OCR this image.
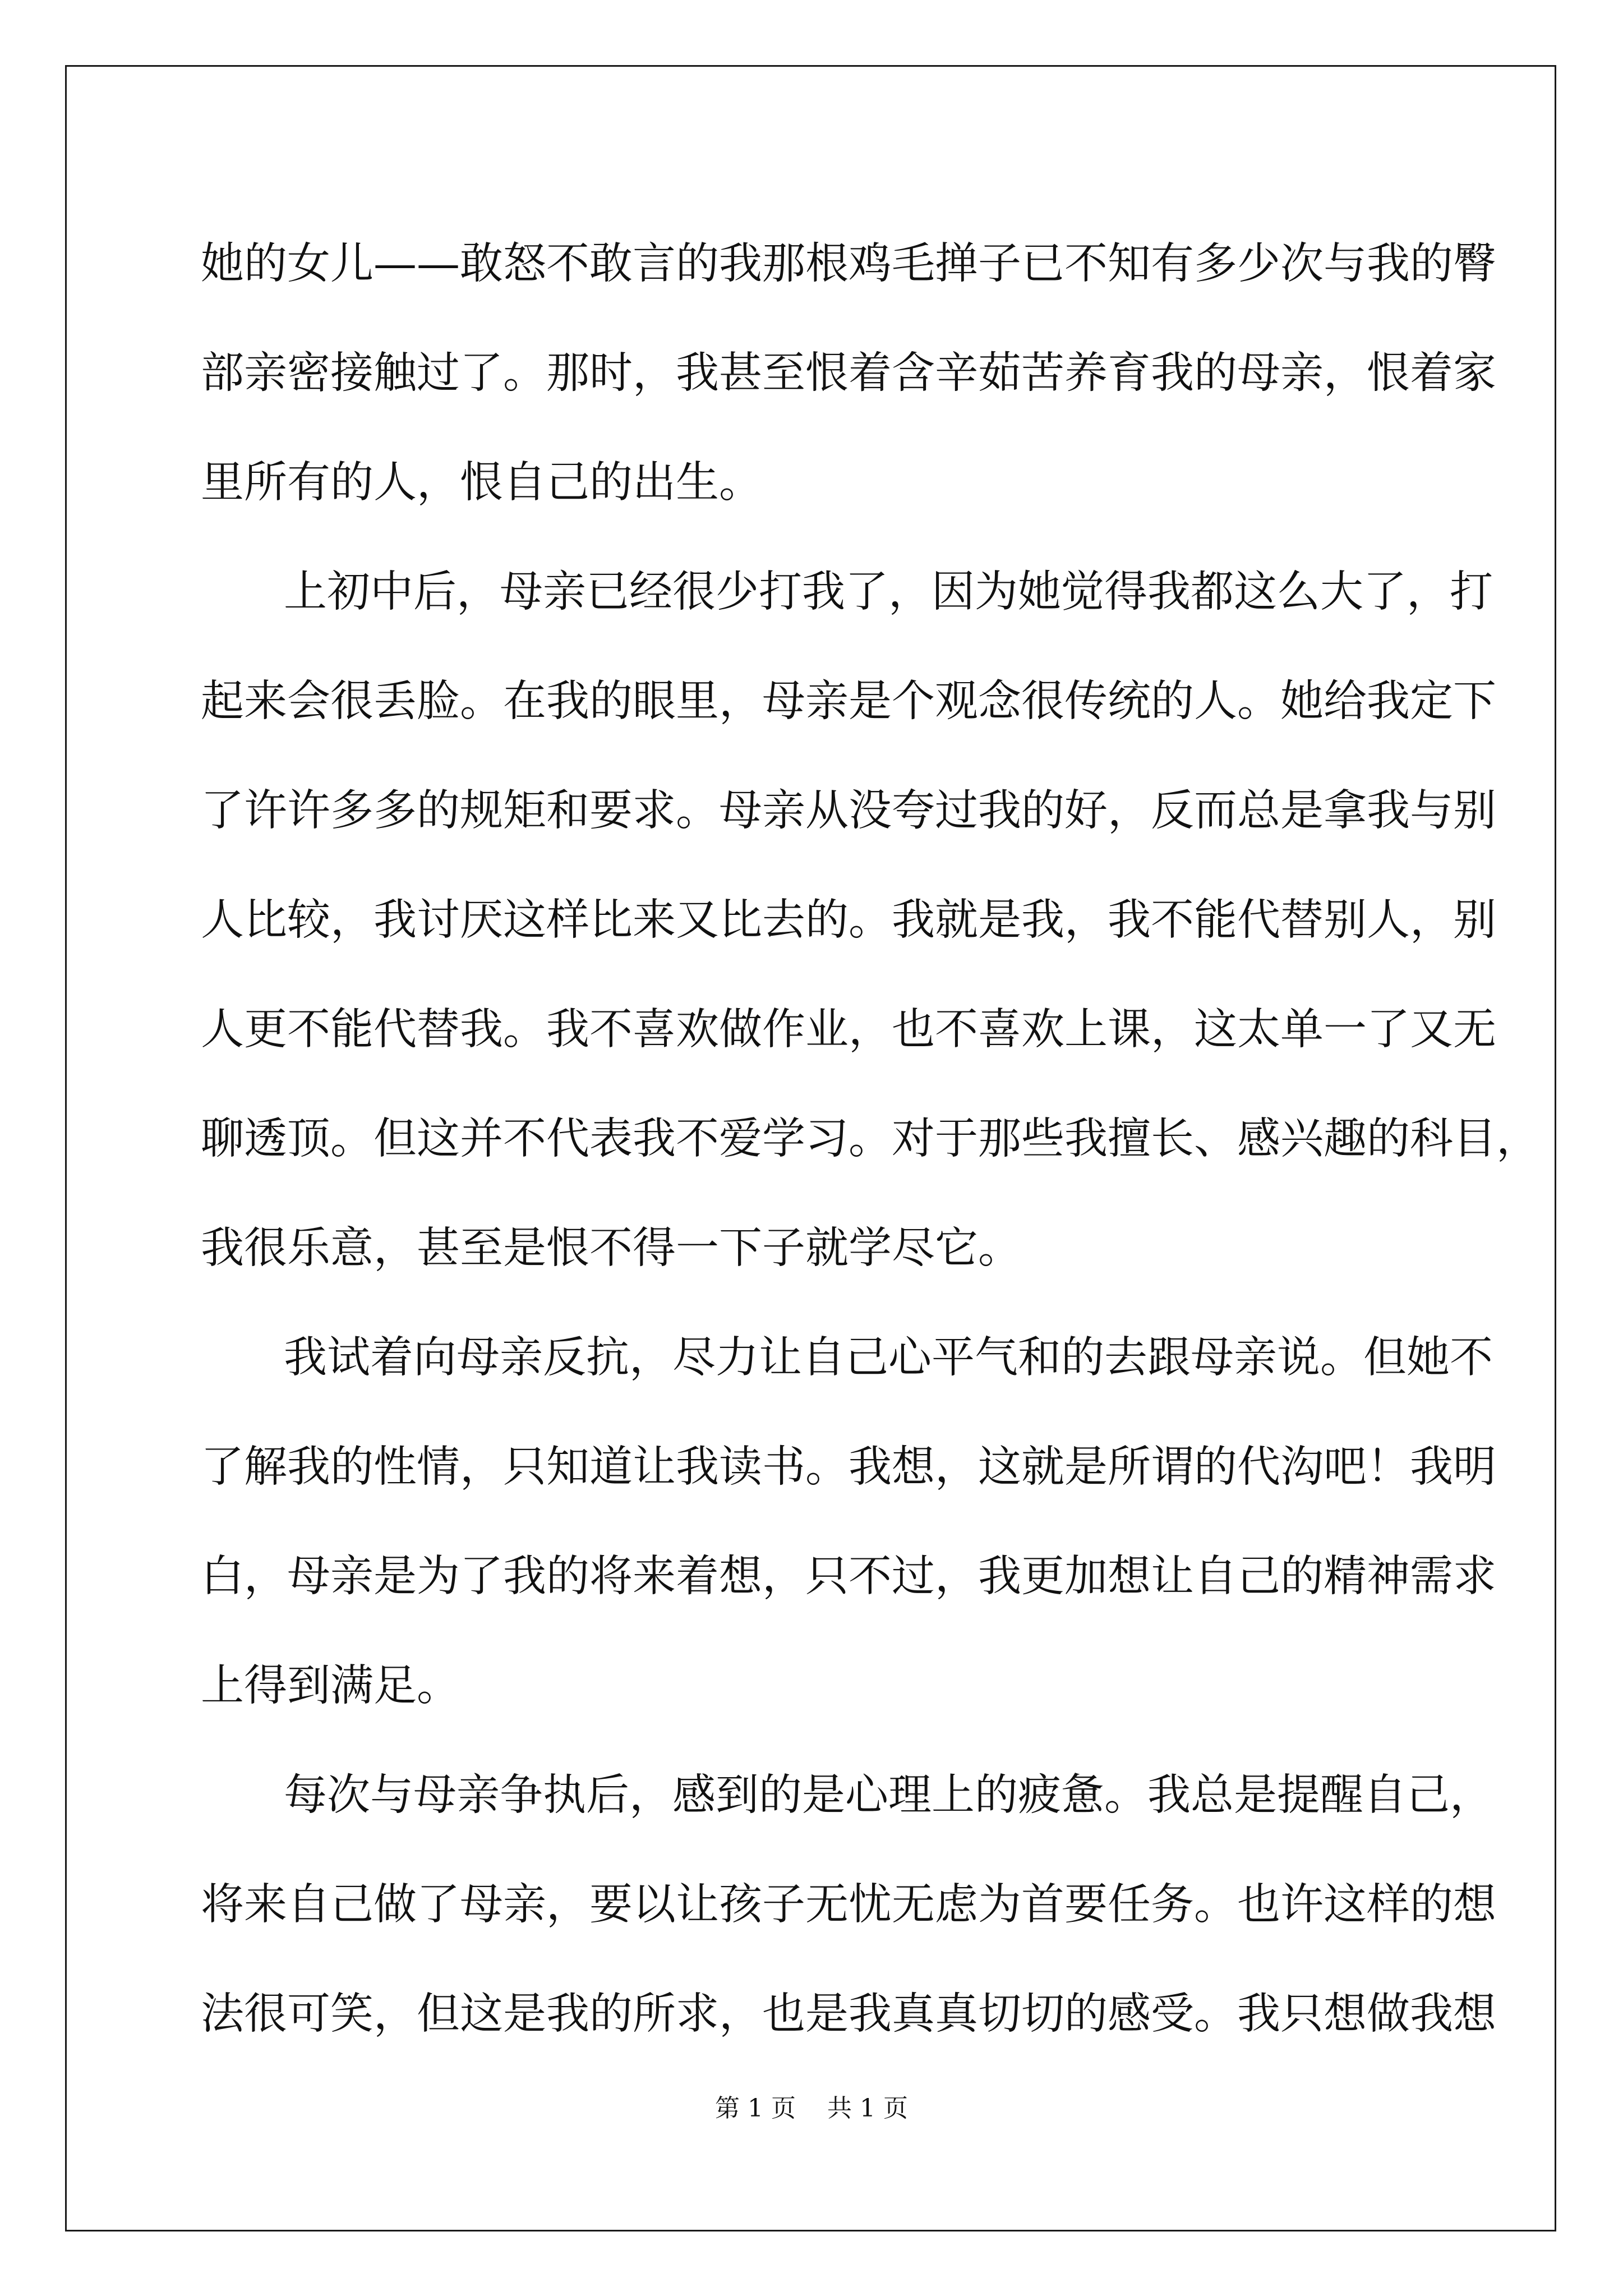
她的女儿——敢怒不敢言的我那根鸡毛掸子已不知有多少次与我的臀
部亲密接触过了。那时，我甚至恨着含辛茹苦养育我的母亲，恨着家
里所有的人，恨自己的出生。
上初中后，母亲已经很少打我了，因为她觉得我都这么大了，打
起来会很丢脸。在我的眼里，母亲是个观念很传统的人。她给我定下
了许许多多的规矩和要求。母亲从没夸过我的好，反而总是拿我与别
人比较，我讨厌这样比来又比去的。我就是我，我不能代替别人，别
人更不能代替我。我不喜欢做作业，也不喜欢上课，这太单一了又无
聊透顶。但这并不代表我不爱学习。对于那些我擅长、感兴趣的科目，
我很乐意，甚至是恨不得一下子就学尽它。
我试着向母亲反抗，尽力让自己心平气和的去跟母亲说。但她不
了解我的性情，只知道让我读书。我想，这就是所谓的代沟吧！我明
白，母亲是为了我的将来着想，只不过，我更加想让自己的精神需求
上得到满足。
每次与母亲争执后，感到的是心理上的疲惫。我总是提醒自己，
将来自己做了母亲，要以让孩子无忧无虑为首要任务。也许这样的想
法很可笑，但这是我的所求，也是我真真切切的感受。我只想做我想
第 1 页 共 1 页
